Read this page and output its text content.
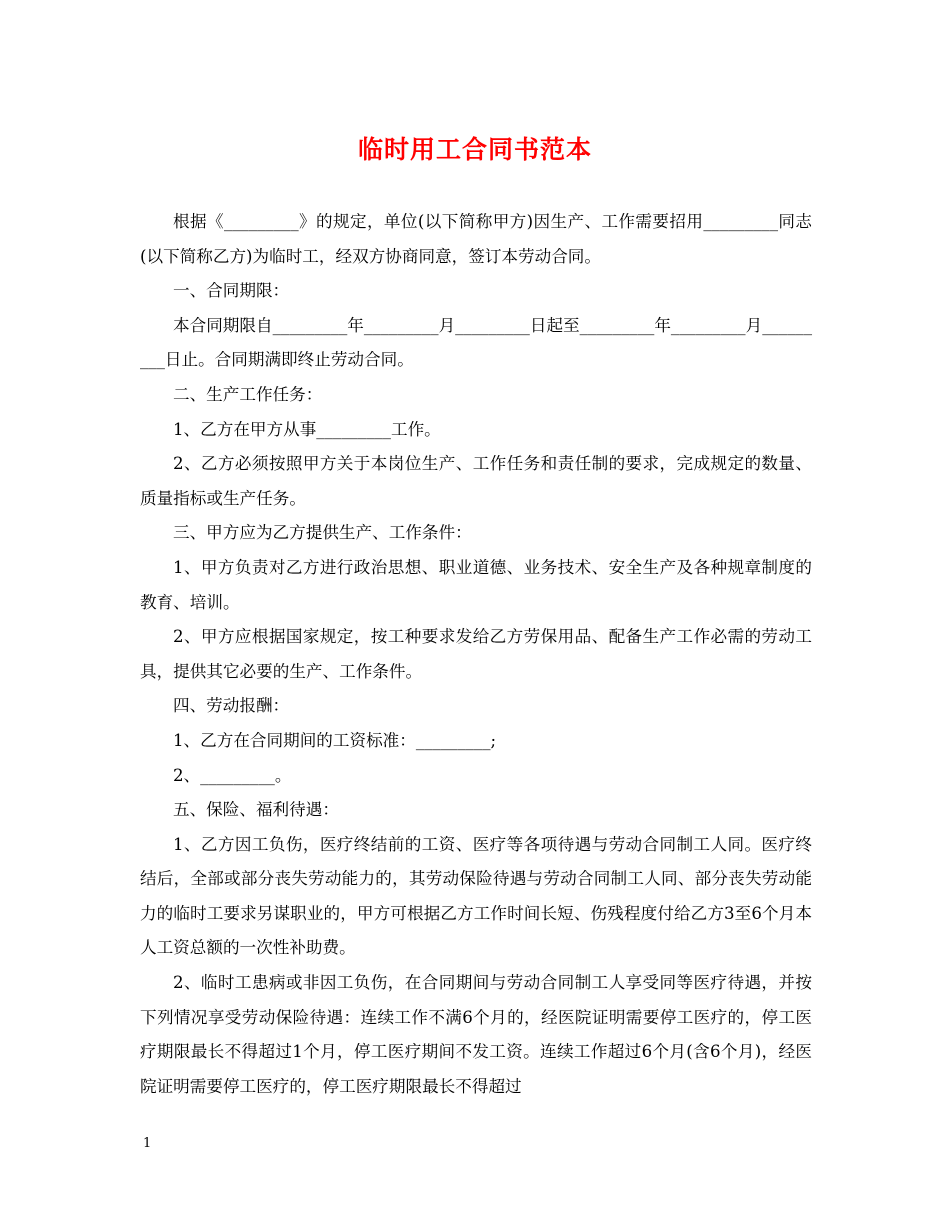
临时用工合同书范本

根据《_________》的规定，单位(以下简称甲方)因生产、工作需要招用_________同志(以下简称乙方)为临时工，经双方协商同意，签订本劳动合同。

一、合同期限：

本合同期限自_________年_________月_________日起至_________年_________月_________日止。合同期满即终止劳动合同。

二、生产工作任务：

1、乙方在甲方从事_________工作。

2、乙方必须按照甲方关于本岗位生产、工作任务和责任制的要求，完成规定的数量、质量指标或生产任务。

三、甲方应为乙方提供生产、工作条件：

1、甲方负责对乙方进行政治思想、职业道德、业务技术、安全生产及各种规章制度的教育、培训。

2、甲方应根据国家规定，按工种要求发给乙方劳保用品、配备生产工作必需的劳动工具，提供其它必要的生产、工作条件。

四、劳动报酬：

1、乙方在合同期间的工资标准：_________;

2、_________。

五、保险、福利待遇：

1、乙方因工负伤，医疗终结前的工资、医疗等各项待遇与劳动合同制工人同。医疗终结后，全部或部分丧失劳动能力的，其劳动保险待遇与劳动合同制工人同、部分丧失劳动能力的临时工要求另谋职业的，甲方可根据乙方工作时间长短、伤残程度付给乙方3至6个月本人工资总额的一次性补助费。

2、临时工患病或非因工负伤，在合同期间与劳动合同制工人享受同等医疗待遇，并按下列情况享受劳动保险待遇：连续工作不满6个月的，经医院证明需要停工医疗的，停工医疗期限最长不得超过1个月，停工医疗期间不发工资。连续工作超过6个月(含6个月)，经医院证明需要停工医疗的，停工医疗期限最长不得超过

1
